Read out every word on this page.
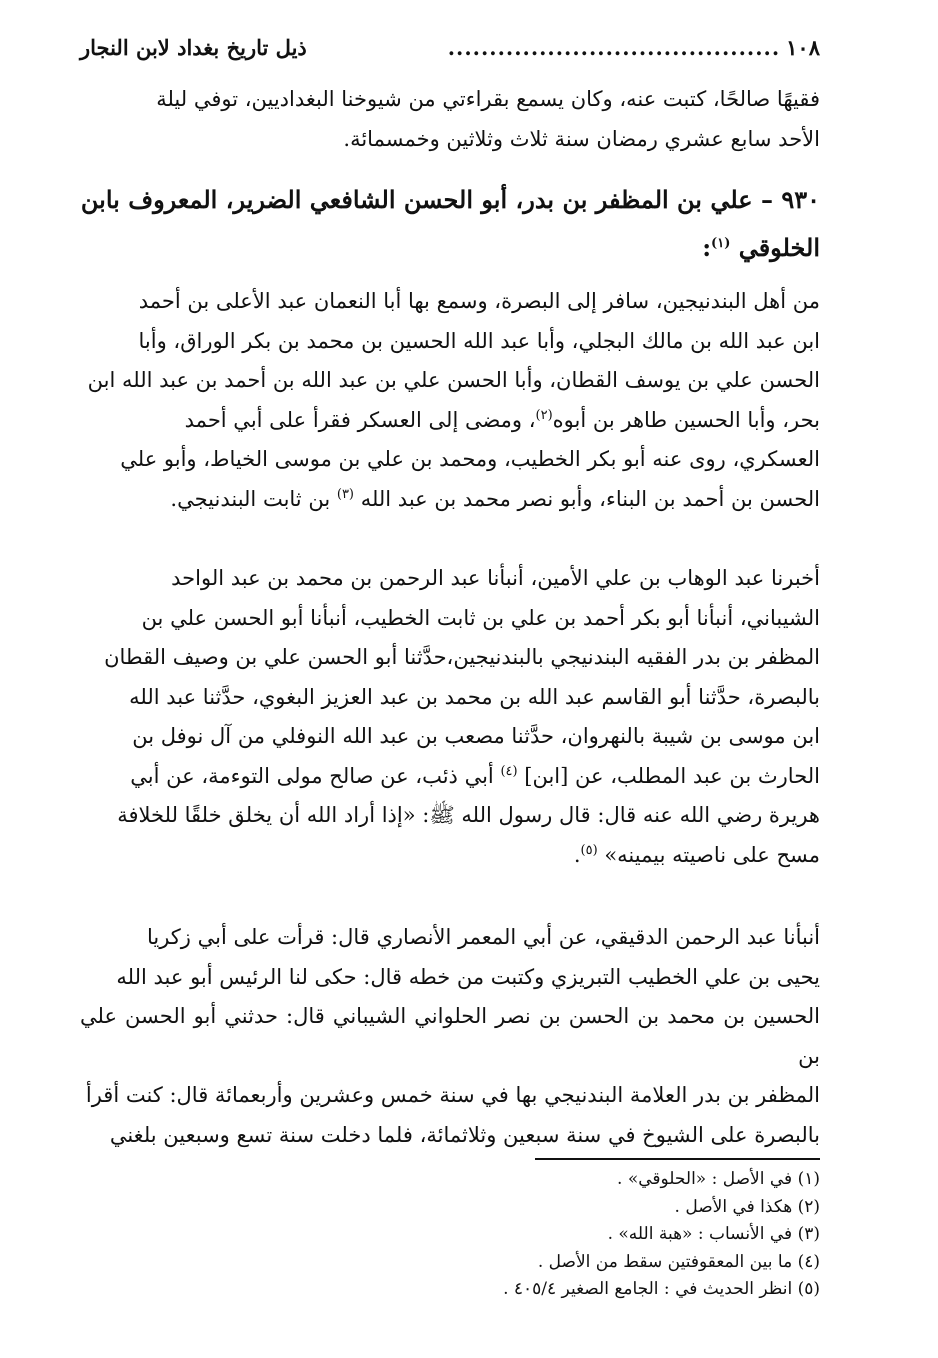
١٠٨
........................................
ذيل تاريخ بغداد لابن النجار

فقيهًا صالحًا، كتبت عنه، وكان يسمع بقراءتي من شيوخنا البغداديين، توفي ليلة

الأحد سابع عشري رمضان سنة ثلاث وثلاثين وخمسمائة.

٩٣٠ – علي بن المظفر بن بدر، أبو الحسن الشافعي الضرير، المعروف بابن
الخلوقي $^{(١)}$:

من أهل البندنيجين، سافر إلى البصرة، وسمع بها أبا النعمان عبد الأعلى بن أحمد

ابن عبد الله بن مالك البجلي، وأبا عبد الله الحسين بن محمد بن بكر الوراق، وأبا

الحسن علي بن يوسف القطان، وأبا الحسن علي بن عبد الله بن أحمد بن عبد الله ابن

بحر، وأبا الحسين طاهر بن أبوه$^{(٢)}$، ومضى إلى العسكر فقرأ على أبي أحمد

العسكري، روى عنه أبو بكر الخطيب، ومحمد بن علي بن موسى الخياط، وأبو علي

الحسن بن أحمد بن البناء، وأبو نصر محمد بن عبد الله $^{(٣)}$ بن ثابت البندنيجي.

أخبرنا عبد الوهاب بن علي الأمين، أنبأنا عبد الرحمن بن محمد بن عبد الواحد

الشيباني، أنبأنا أبو بكر أحمد بن علي بن ثابت الخطيب، أنبأنا أبو الحسن علي بن

المظفر بن بدر الفقيه البندنيجي بالبندنيجين،حدَّثنا أبو الحسن علي بن وصيف القطان

بالبصرة، حدَّثنا أبو القاسم عبد الله بن محمد بن عبد العزيز البغوي، حدَّثنا عبد الله

ابن موسى بن شيبة بالنهروان، حدَّثنا مصعب بن عبد الله النوفلي من آل نوفل بن

الحارث بن عبد المطلب، عن [ابن] $^{(٤)}$ أبي ذئب، عن صالح مولى التوءمة، عن أبي

هريرة رضي الله عنه قال: قال رسول الله ﷺ: «إذا أراد الله أن يخلق خلقًا للخلافة

مسح على ناصيته بيمينه» $^{(٥)}$.

أنبأنا عبد الرحمن الدقيقي، عن أبي المعمر الأنصاري قال: قرأت على أبي زكريا

يحيى بن علي الخطيب التبريزي وكتبت من خطه قال: حكى لنا الرئيس أبو عبد الله

الحسين بن محمد بن الحسن بن نصر الحلواني الشيباني قال: حدثني أبو الحسن علي بن

المظفر بن بدر العلامة البندنيجي بها في سنة خمس وعشرين وأربعمائة قال: كنت أقرأ

بالبصرة على الشيوخ في سنة سبعين وثلاثمائة، فلما دخلت سنة تسع وسبعين بلغني

(١) في الأصل : «الحلوقي» .
(٢) هكذا في الأصل .
(٣) في الأنساب : «هبة الله» .
(٤) ما بين المعقوفتين سقط من الأصل .
(٥) انظر الحديث في : الجامع الصغير ٤٠٥/٤ .
